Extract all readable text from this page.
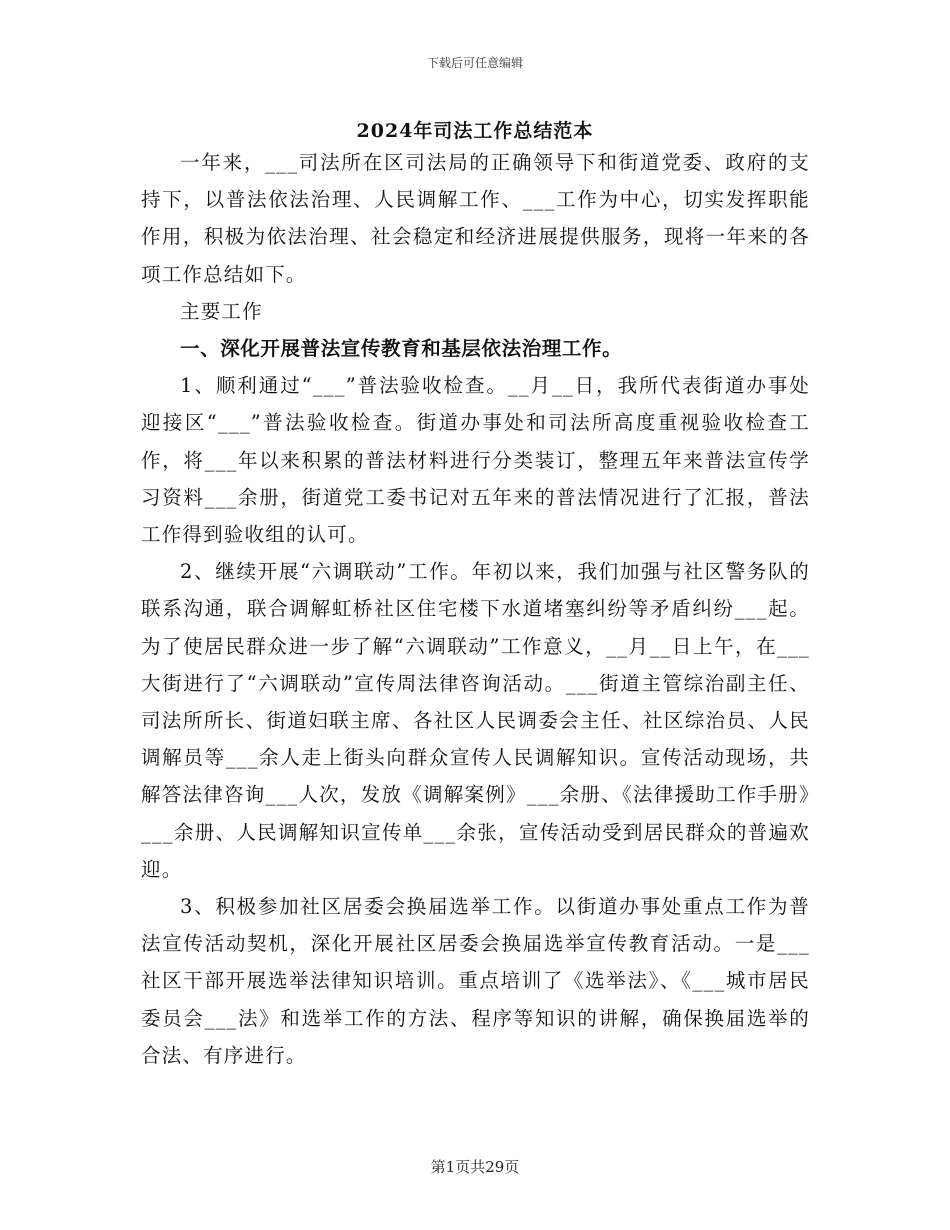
下载后可任意编辑
2024年司法工作总结范本

一年来，___司法所在区司法局的正确领导下和街道党委、政府的支持下，以普法依法治理、人民调解工作、___工作为中心，切实发挥职能作用，积极为依法治理、社会稳定和经济进展提供服务，现将一年来的各项工作总结如下。

主要工作

一、深化开展普法宣传教育和基层依法治理工作。

1、顺利通过“___”普法验收检查。__月__日，我所代表街道办事处迎接区“___”普法验收检查。街道办事处和司法所高度重视验收检查工作，将___年以来积累的普法材料进行分类装订，整理五年来普法宣传学习资料___余册，街道党工委书记对五年来的普法情况进行了汇报，普法工作得到验收组的认可。

2、继续开展“六调联动”工作。年初以来，我们加强与社区警务队的联系沟通，联合调解虹桥社区住宅楼下水道堵塞纠纷等矛盾纠纷___起。为了使居民群众进一步了解“六调联动”工作意义，__月__日上午，在___大街进行了“六调联动”宣传周法律咨询活动。___街道主管综治副主任、司法所所长、街道妇联主席、各社区人民调委会主任、社区综治员、人民调解员等___余人走上街头向群众宣传人民调解知识。宣传活动现场，共解答法律咨询___人次，发放《调解案例》___余册、《法律援助工作手册》___余册、人民调解知识宣传单___余张，宣传活动受到居民群众的普遍欢迎。

3、积极参加社区居委会换届选举工作。以街道办事处重点工作为普法宣传活动契机，深化开展社区居委会换届选举宣传教育活动。一是___社区干部开展选举法律知识培训。重点培训了《选举法》、《___城市居民委员会___法》和选举工作的方法、程序等知识的讲解，确保换届选举的合法、有序进行。

第1页共29页
